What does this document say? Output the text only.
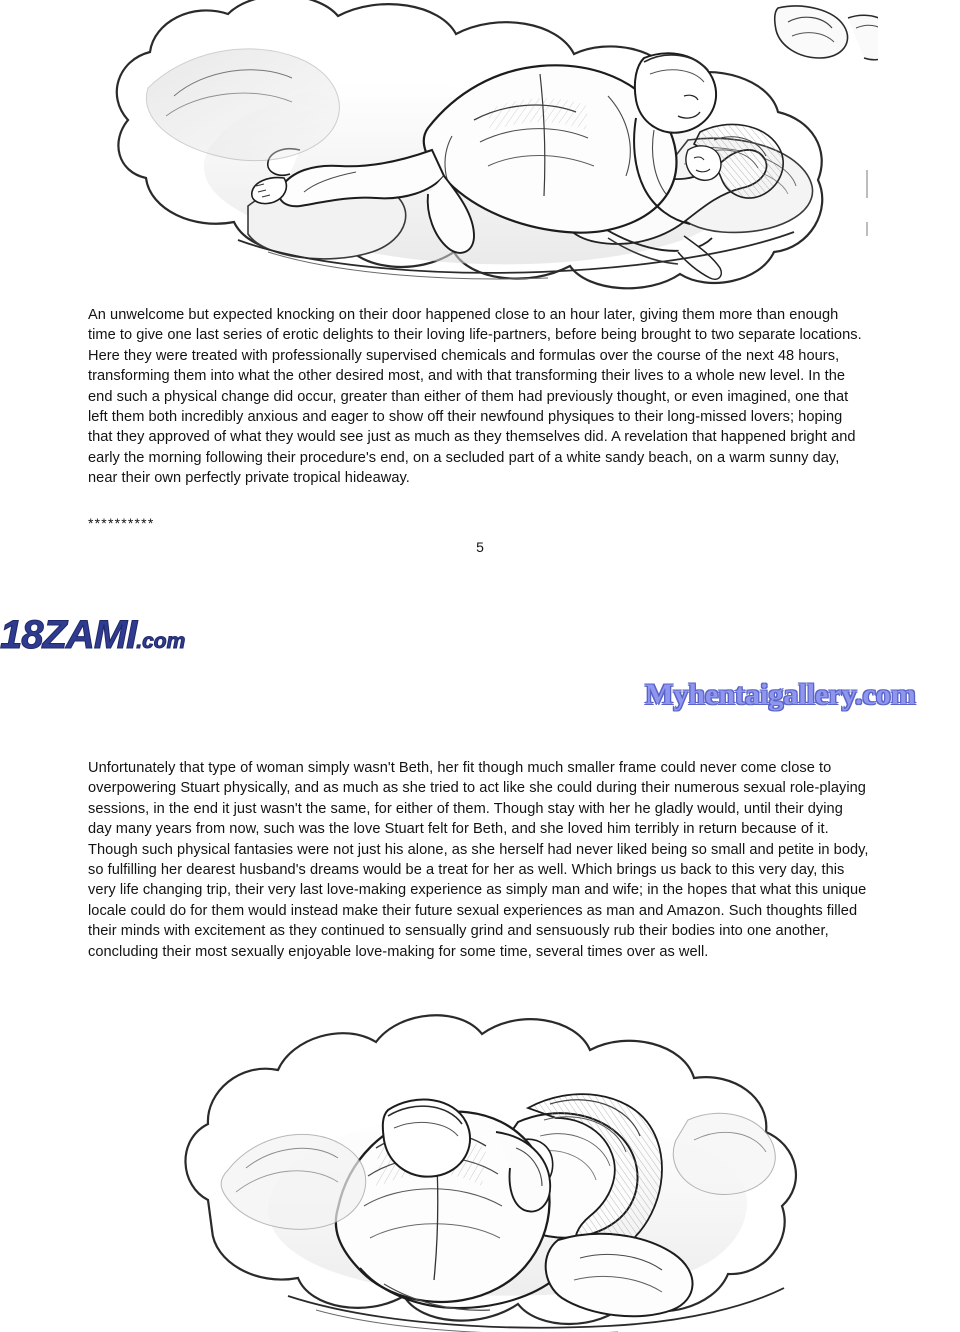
An unwelcome but expected knocking on their door happened close to an hour later, giving them more than enough time to give one last series of erotic delights to their loving life-partners, before being brought to two separate locations. Here they were treated with professionally supervised chemicals and formulas over the course of the next 48 hours, transforming them into what the other desired most, and with that transforming their lives to a whole new level. In the end such a physical change did occur, greater than either of them had previously thought, or even imagined, one that left them both incredibly anxious and eager to show off their newfound physiques to their long-missed lovers; hoping that they approved of what they would see just as much as they themselves did. A revelation that happened bright and early the morning following their procedure's end, on a secluded part of a white sandy beach, on a warm sunny day, near their own perfectly private tropical hideaway.
**********
5
18ZAMI.com
Myhentaigallery.com
Unfortunately that type of woman simply wasn't Beth, her fit though much smaller frame could never come close to overpowering Stuart physically, and as much as she tried to act like she could during their numerous sexual role-playing sessions, in the end it just wasn't the same, for either of them. Though stay with her he gladly would, until their dying day many years from now, such was the love Stuart felt for Beth, and she loved him terribly in return because of it. Though such physical fantasies were not just his alone, as she herself had never liked being so small and petite in body, so fulfilling her dearest husband's dreams would be a treat for her as well. Which brings us back to this very day, this very life changing trip, their very last love-making experience as simply man and wife; in the hopes that what this unique locale could do for them would instead make their future sexual experiences as man and Amazon. Such thoughts filled their minds with excitement as they continued to sensually grind and sensuously rub their bodies into one another, concluding their most sexually enjoyable love-making for some time, several times over as well.
